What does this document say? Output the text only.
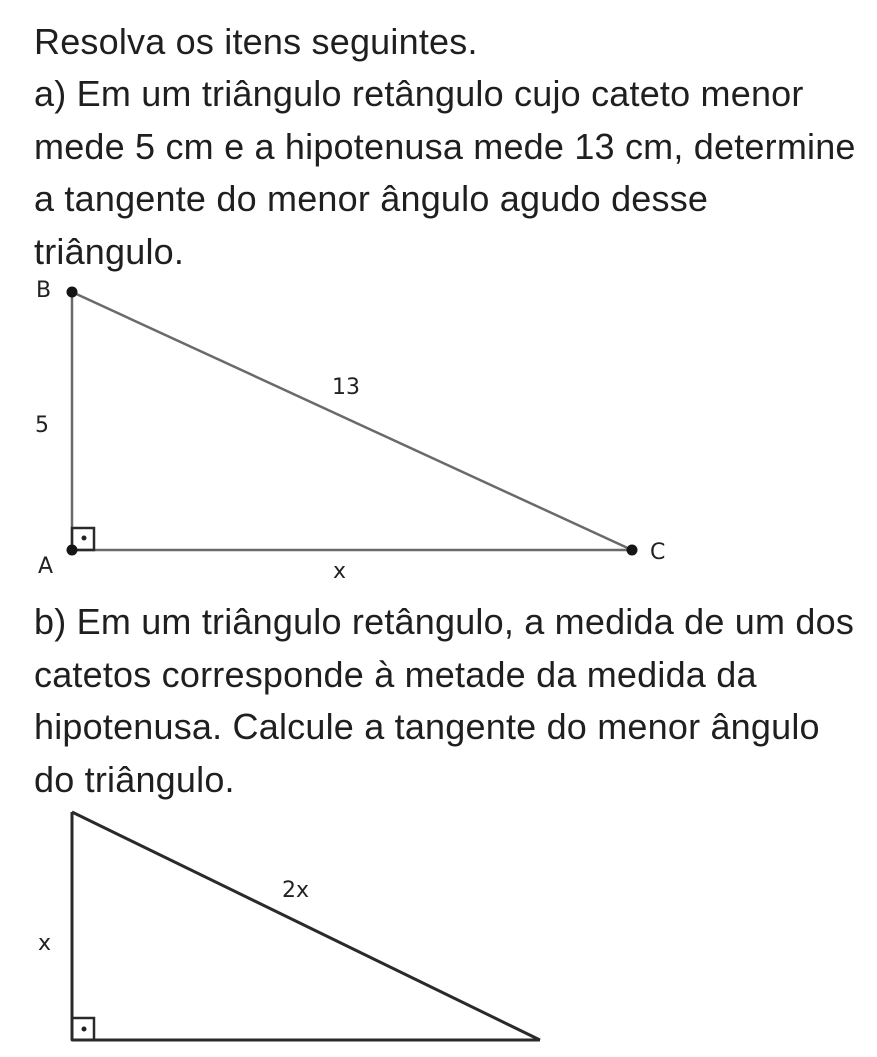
Resolva os itens seguintes.

a) Em um triângulo retângulo cujo cateto menor mede 5 cm e a hipotenusa mede 13 cm, determine a tangente do menor ângulo agudo desse triângulo.

B
A
C
5
13
x

b) Em um triângulo retângulo, a medida de um dos catetos corresponde à metade da medida da hipotenusa. Calcule a tangente do menor ângulo do triângulo.

x
2x
